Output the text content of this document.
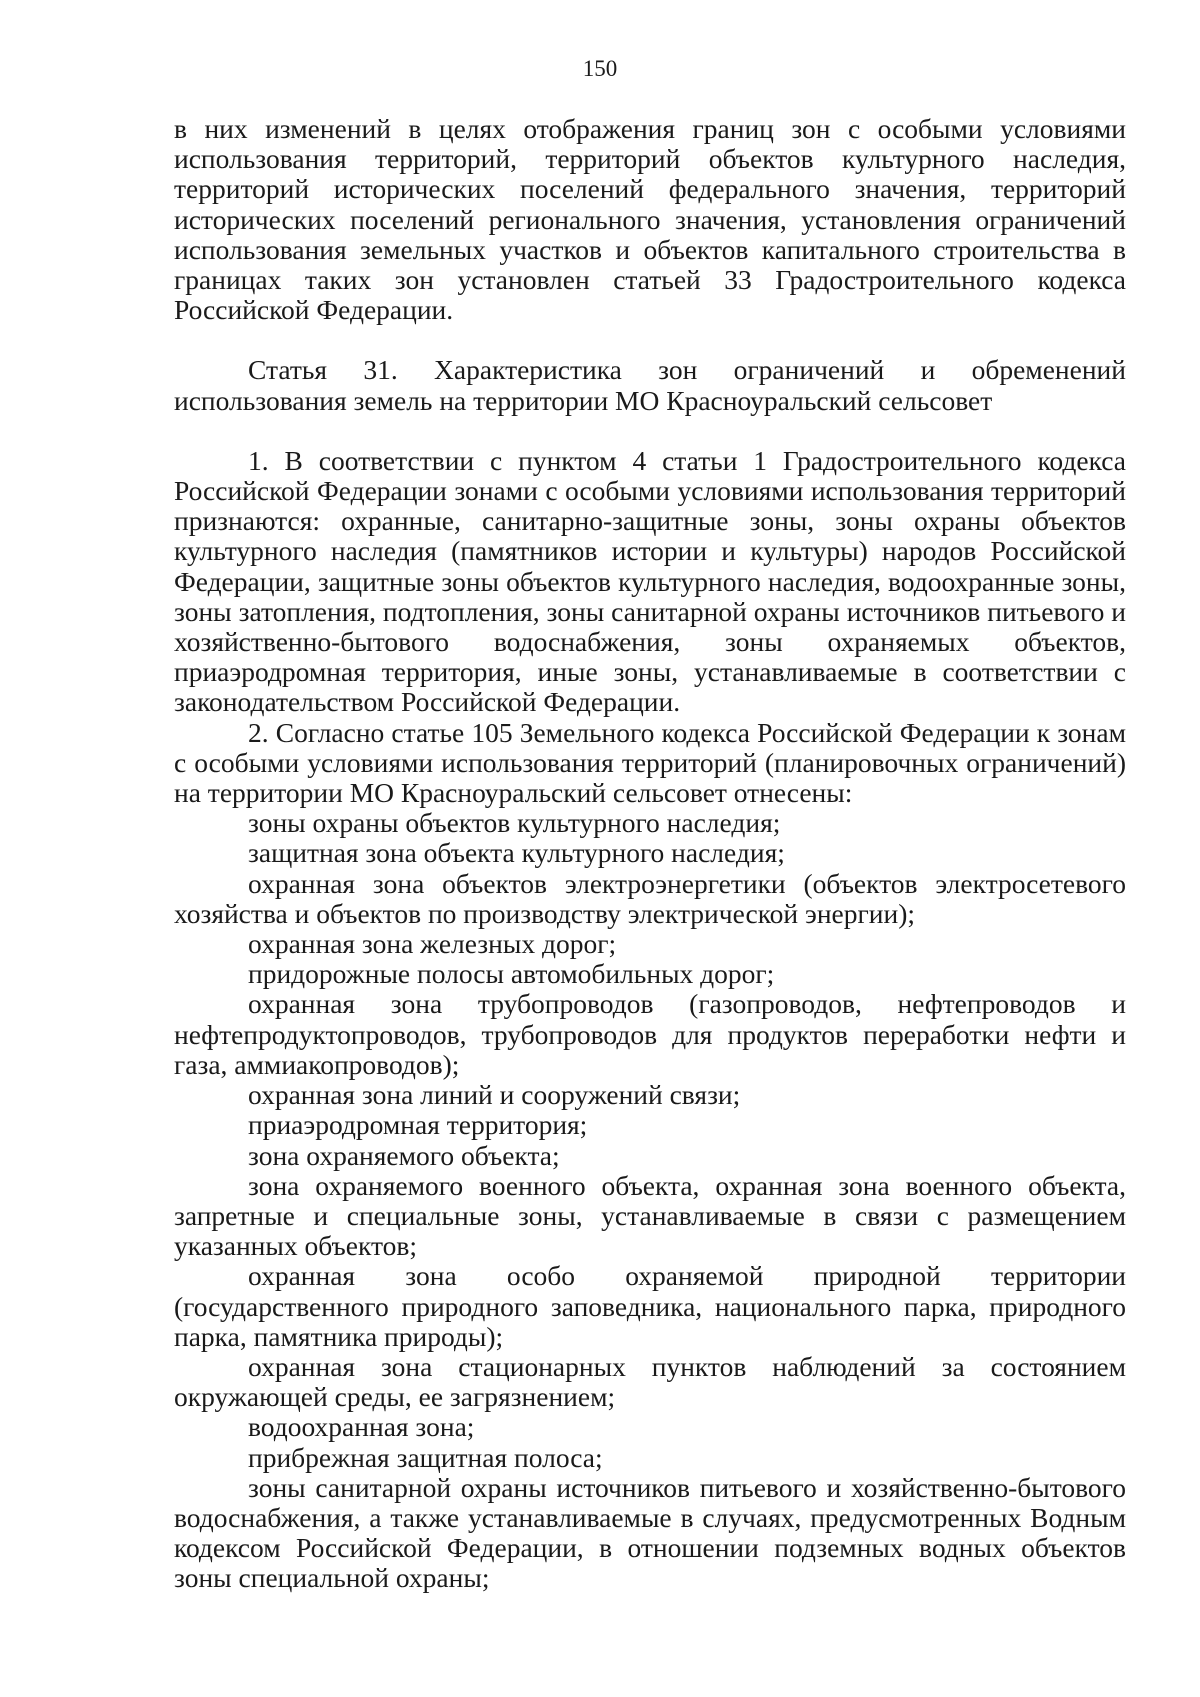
150

в них изменений в целях отображения границ зон с особыми условиями использования территорий, территорий объектов культурного наследия, территорий исторических поселений федерального значения, территорий исторических поселений регионального значения, установления ограничений использования земельных участков и объектов капитального строительства в границах таких зон установлен статьей 33 Градостроительного кодекса Российской Федерации.

Статья 31. Характеристика зон ограничений и обременений использования земель на территории МО Красноуральский сельсовет

1. В соответствии с пунктом 4 статьи 1 Градостроительного кодекса Российской Федерации зонами с особыми условиями использования территорий признаются: охранные, санитарно-защитные зоны, зоны охраны объектов культурного наследия (памятников истории и культуры) народов Российской Федерации, защитные зоны объектов культурного наследия, водоохранные зоны, зоны затопления, подтопления, зоны санитарной охраны источников питьевого и хозяйственно-бытового водоснабжения, зоны охраняемых объектов, приаэродромная территория, иные зоны, устанавливаемые в соответствии с законодательством Российской Федерации.

2. Согласно статье 105 Земельного кодекса Российской Федерации к зонам с особыми условиями использования территорий (планировочных ограничений) на территории МО Красноуральский сельсовет отнесены:

зоны охраны объектов культурного наследия;

защитная зона объекта культурного наследия;

охранная зона объектов электроэнергетики (объектов электросетевого хозяйства и объектов по производству электрической энергии);

охранная зона железных дорог;

придорожные полосы автомобильных дорог;

охранная зона трубопроводов (газопроводов, нефтепроводов и нефтепродуктопроводов, трубопроводов для продуктов переработки нефти и газа, аммиакопроводов);

охранная зона линий и сооружений связи;

приаэродромная территория;

зона охраняемого объекта;

зона охраняемого военного объекта, охранная зона военного объекта, запретные и специальные зоны, устанавливаемые в связи с размещением указанных объектов;

охранная зона особо охраняемой природной территории (государственного природного заповедника, национального парка, природного парка, памятника природы);

охранная зона стационарных пунктов наблюдений за состоянием окружающей среды, ее загрязнением;

водоохранная зона;

прибрежная защитная полоса;

зоны санитарной охраны источников питьевого и хозяйственно-бытового водоснабжения, а также устанавливаемые в случаях, предусмотренных Водным кодексом Российской Федерации, в отношении подземных водных объектов зоны специальной охраны;
